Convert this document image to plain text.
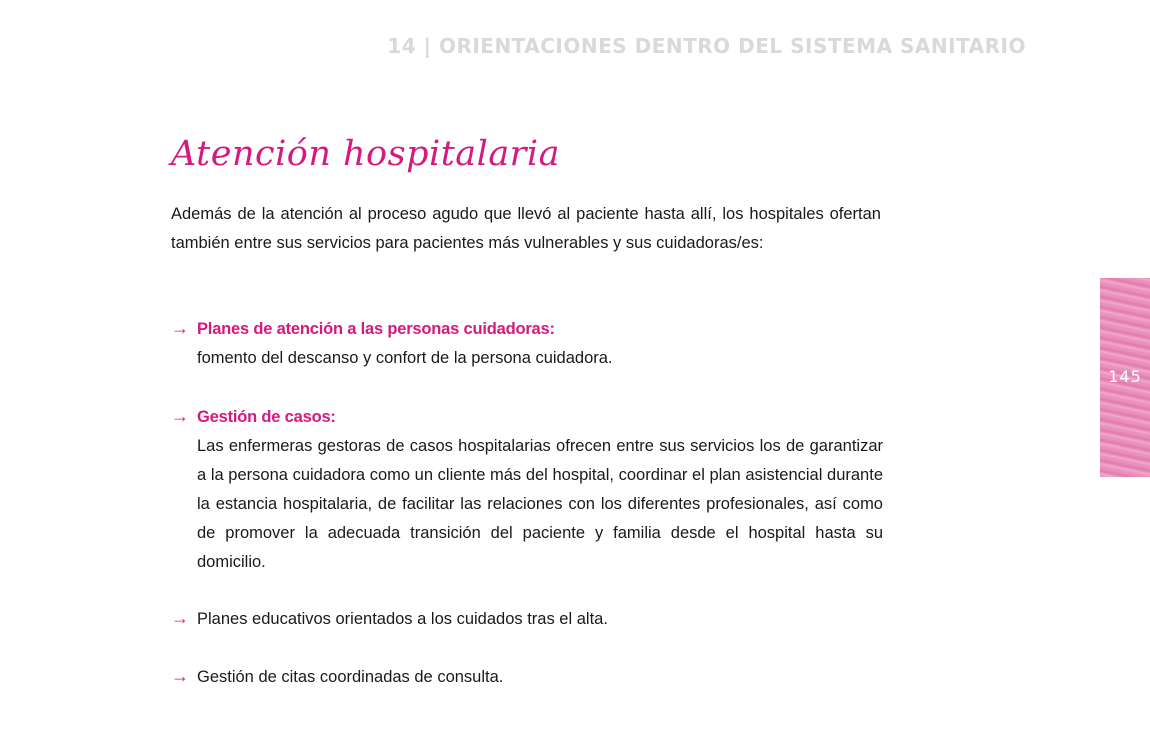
14 | ORIENTACIONES DENTRO DEL SISTEMA SANITARIO
Atención hospitalaria

Además de la atención al proceso agudo que llevó al paciente hasta allí, los hospitales ofertan también entre sus servicios para pacientes más vulnerables y sus cuidadoras/es:

→ Planes de atención a las personas cuidadoras:

fomento del descanso y confort de la persona cuidadora.

→ Gestión de casos:

Las enfermeras gestoras de casos hospitalarias ofrecen entre sus servicios los de garantizar a la persona cuidadora como un cliente más del hospital, coordinar el plan asistencial durante la estancia hospitalaria, de facilitar las relaciones con los diferentes profesionales, así como de promover la adecuada transición del paciente y familia desde el hospital hasta su domicilio.

→ Planes educativos orientados a los cuidados tras el alta.
→ Gestión de citas coordinadas de consulta.
145
